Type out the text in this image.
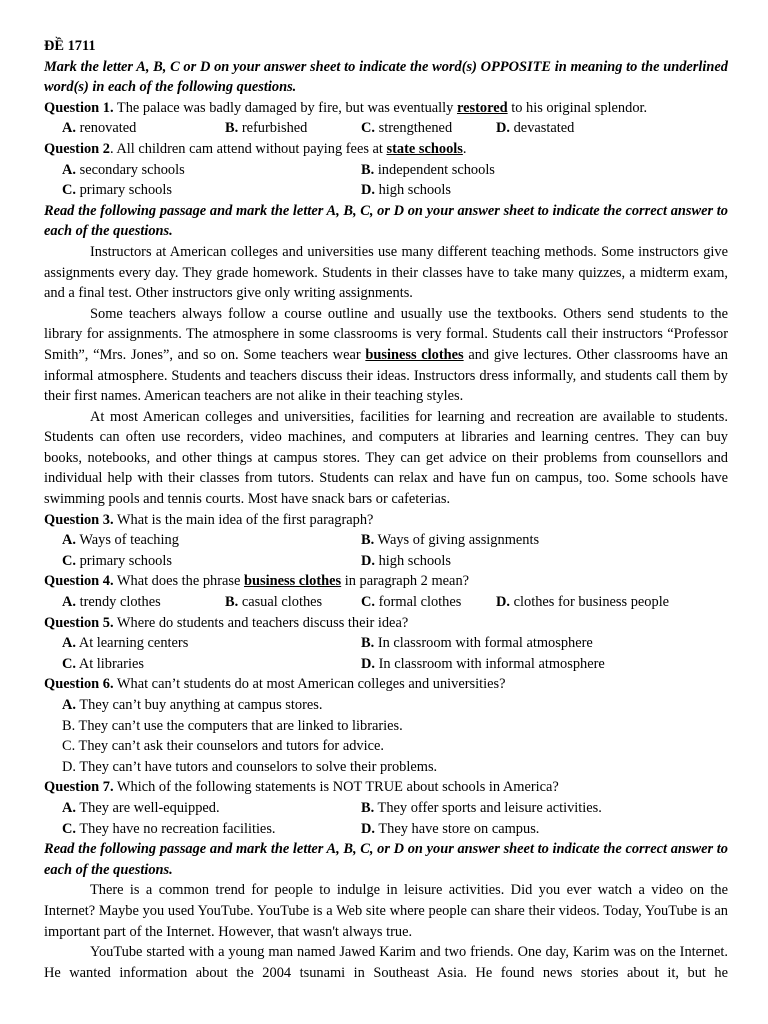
ĐỀ 1711
Mark the letter A, B, C or D on your answer sheet to indicate the word(s) OPPOSITE in meaning to the underlined word(s) in each of the following questions.
Question 1. The palace was badly damaged by fire, but was eventually restored to his original splendor.
A. renovated	B. refurbished	C. strengthened	D. devastated
Question 2. All children cam attend without paying fees at state schools.
A. secondary schools	B. independent schools
C. primary schools	D. high schools
Read the following passage and mark the letter A, B, C, or D on your answer sheet to indicate the correct answer to each of the questions.
Instructors at American colleges and universities use many different teaching methods. Some instructors give assignments every day. They grade homework. Students in their classes have to take many quizzes, a midterm exam, and a final test. Other instructors give only writing assignments.
Some teachers always follow a course outline and usually use the textbooks. Others send students to the library for assignments. The atmosphere in some classrooms is very formal. Students call their instructors “Professor Smith”, “Mrs. Jones”, and so on. Some teachers wear business clothes and give lectures. Other classrooms have an informal atmosphere. Students and teachers discuss their ideas. Instructors dress informally, and students call them by their first names. American teachers are not alike in their teaching styles.
At most American colleges and universities, facilities for learning and recreation are available to students. Students can often use recorders, video machines, and computers at libraries and learning centres. They can buy books, notebooks, and other things at campus stores. They can get advice on their problems from counsellors and individual help with their classes from tutors. Students can relax and have fun on campus, too. Some schools have swimming pools and tennis courts. Most have snack bars or cafeterias.
Question 3. What is the main idea of the first paragraph?
A. Ways of teaching	B. Ways of giving assignments
C. primary schools	D. high schools
Question 4. What does the phrase business clothes in paragraph 2 mean?
A. trendy clothes	B. casual clothes	C. formal clothes	D. clothes for business people
Question 5. Where do students and teachers discuss their idea?
A. At learning centers	B. In classroom with formal atmosphere
C. At libraries	D. In classroom with informal atmosphere
Question 6. What can’t students do at most American colleges and universities?
A. They can’t buy anything at campus stores.
B. They can’t use the computers that are linked to libraries.
C. They can’t ask their counselors and tutors for advice.
D. They can’t have tutors and counselors to solve their problems.
Question 7. Which of the following statements is NOT TRUE about schools in America?
A. They are well-equipped.	B. They offer sports and leisure activities.
C. They have no recreation facilities.	D. They have store on campus.
Read the following passage and mark the letter A, B, C, or D on your answer sheet to indicate the correct answer to each of the questions.
There is a common trend for people to indulge in leisure activities. Did you ever watch a video on the Internet? Maybe you used YouTube. YouTube is a Web site where people can share their videos. Today, YouTube is an important part of the Internet. However, that wasn't always true.
YouTube started with a young man named Jawed Karim and two friends. One day, Karim was on the Internet. He wanted information about the 2004 tsunami in Southeast Asia. He found news stories about it, but he
